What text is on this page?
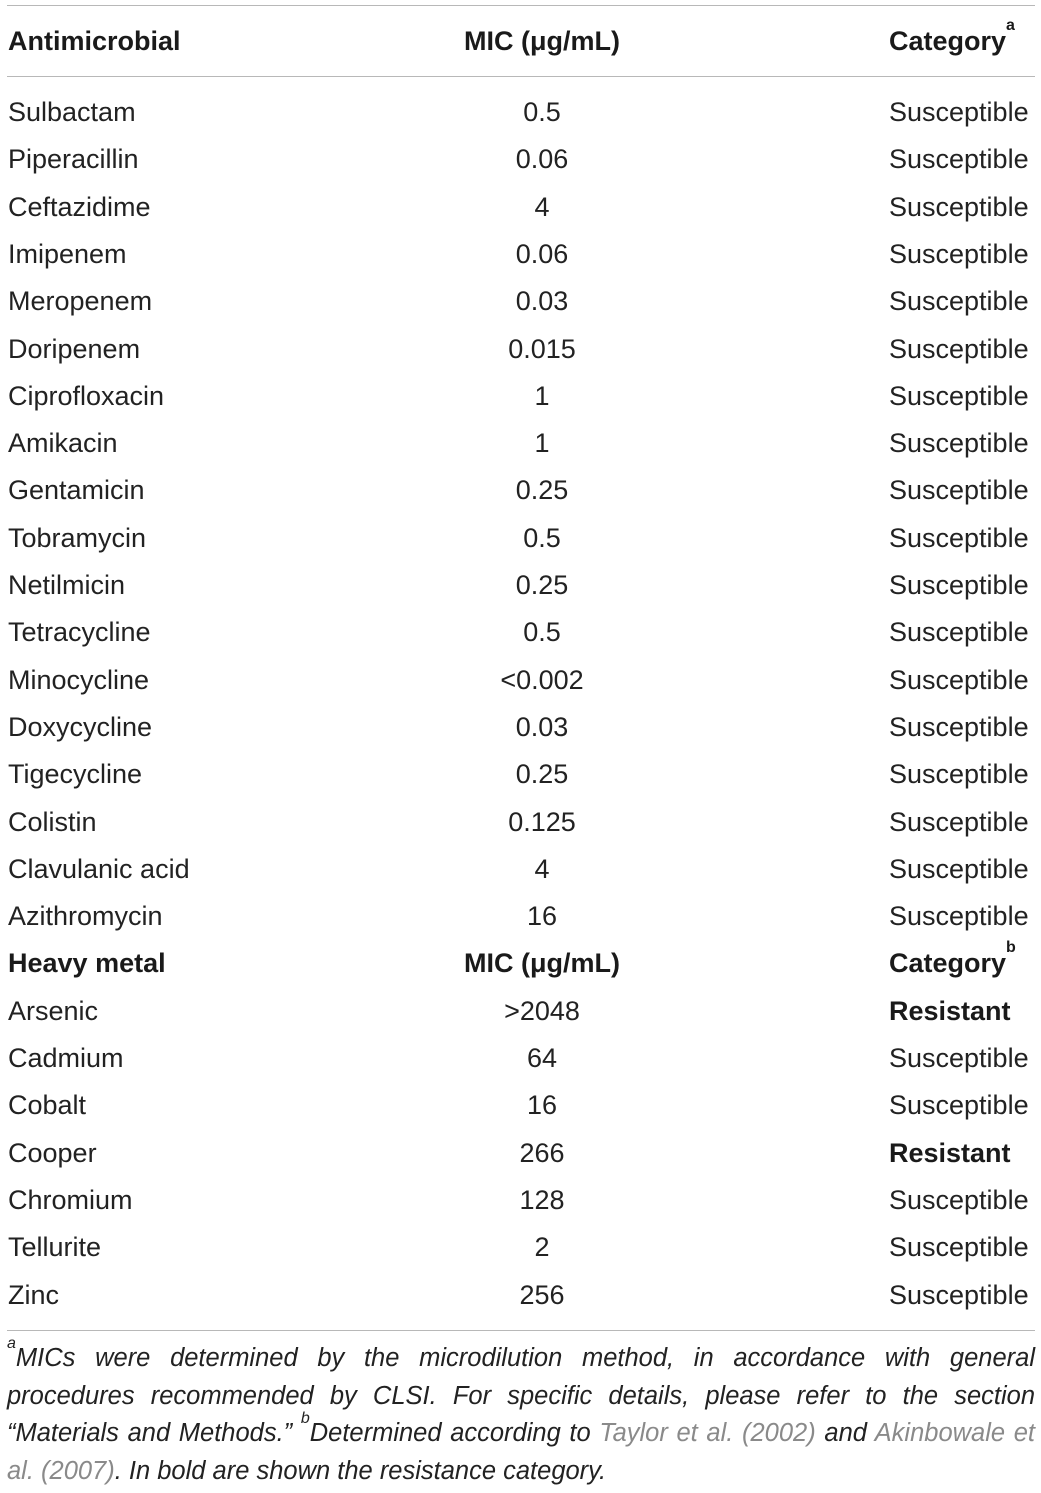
Antimicrobial	MIC (μg/mL)	Category$^a$
Sulbactam	0.5	Susceptible
Piperacillin	0.06	Susceptible
Ceftazidime	4	Susceptible
Imipenem	0.06	Susceptible
Meropenem	0.03	Susceptible
Doripenem	0.015	Susceptible
Ciprofloxacin	1	Susceptible
Amikacin	1	Susceptible
Gentamicin	0.25	Susceptible
Tobramycin	0.5	Susceptible
Netilmicin	0.25	Susceptible
Tetracycline	0.5	Susceptible
Minocycline	<0.002	Susceptible
Doxycycline	0.03	Susceptible
Tigecycline	0.25	Susceptible
Colistin	0.125	Susceptible
Clavulanic acid	4	Susceptible
Azithromycin	16	Susceptible
Heavy metal	MIC (μg/mL)	Category$^b$
Arsenic	>2048	Resistant
Cadmium	64	Susceptible
Cobalt	16	Susceptible
Cooper	266	Resistant
Chromium	128	Susceptible
Tellurite	2	Susceptible
Zinc	256	Susceptible
$^a$MICs were determined by the microdilution method, in accordance with general procedures recommended by CLSI. For specific details, please refer to the section “Materials and Methods.” $^b$Determined according to Taylor et al. (2002) and Akinbowale et al. (2007). In bold are shown the resistance category.
